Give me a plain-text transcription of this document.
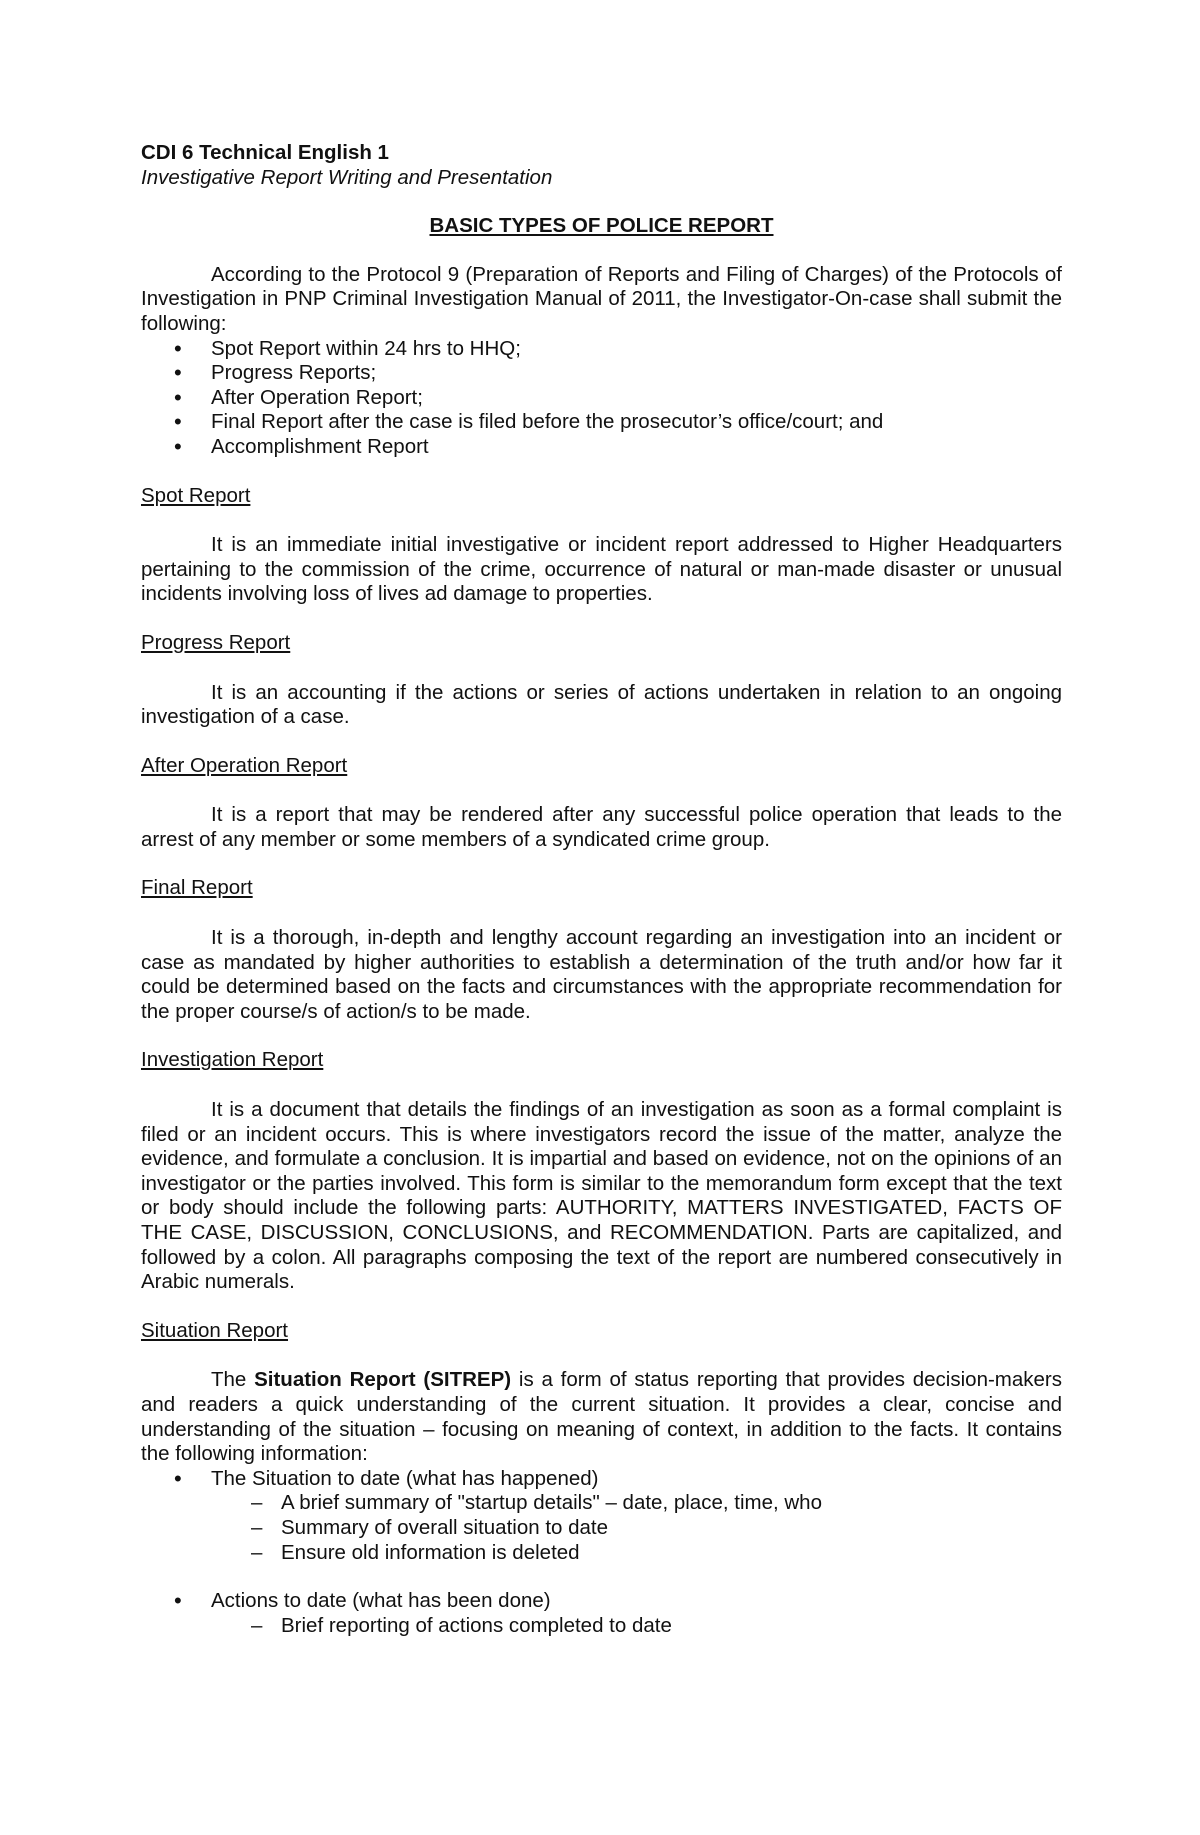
CDI 6 Technical English 1

Investigative Report Writing and Presentation

BASIC TYPES OF POLICE REPORT

According to the Protocol 9 (Preparation of Reports and Filing of Charges) of the Protocols of Investigation in PNP Criminal Investigation Manual of 2011, the Investigator-On-case shall submit the following:

• Spot Report within 24 hrs to HHQ;
• Progress Reports;
• After Operation Report;
• Final Report after the case is filed before the prosecutor’s office/court; and
• Accomplishment Report

Spot Report

It is an immediate initial investigative or incident report addressed to Higher Headquarters pertaining to the commission of the crime, occurrence of natural or man-made disaster or unusual incidents involving loss of lives ad damage to properties.

Progress Report

It is an accounting if the actions or series of actions undertaken in relation to an ongoing investigation of a case.

After Operation Report

It is a report that may be rendered after any successful police operation that leads to the arrest of any member or some members of a syndicated crime group.

Final Report

It is a thorough, in-depth and lengthy account regarding an investigation into an incident or case as mandated by higher authorities to establish a determination of the truth and/or how far it could be determined based on the facts and circumstances with the appropriate recommendation for the proper course/s of action/s to be made.

Investigation Report

It is a document that details the findings of an investigation as soon as a formal complaint is filed or an incident occurs. This is where investigators record the issue of the matter, analyze the evidence, and formulate a conclusion. It is impartial and based on evidence, not on the opinions of an investigator or the parties involved. This form is similar to the memorandum form except that the text or body should include the following parts: AUTHORITY, MATTERS INVESTIGATED, FACTS OF THE CASE, DISCUSSION, CONCLUSIONS, and RECOMMENDATION. Parts are capitalized, and followed by a colon. All paragraphs composing the text of the report are numbered consecutively in Arabic numerals.

Situation Report

The Situation Report (SITREP) is a form of status reporting that provides decision-makers and readers a quick understanding of the current situation. It provides a clear, concise and understanding of the situation – focusing on meaning of context, in addition to the facts. It contains the following information:

• The Situation to date (what has happened)
– A brief summary of "startup details" – date, place, time, who
– Summary of overall situation to date
– Ensure old information is deleted
• Actions to date (what has been done)
– Brief reporting of actions completed to date
